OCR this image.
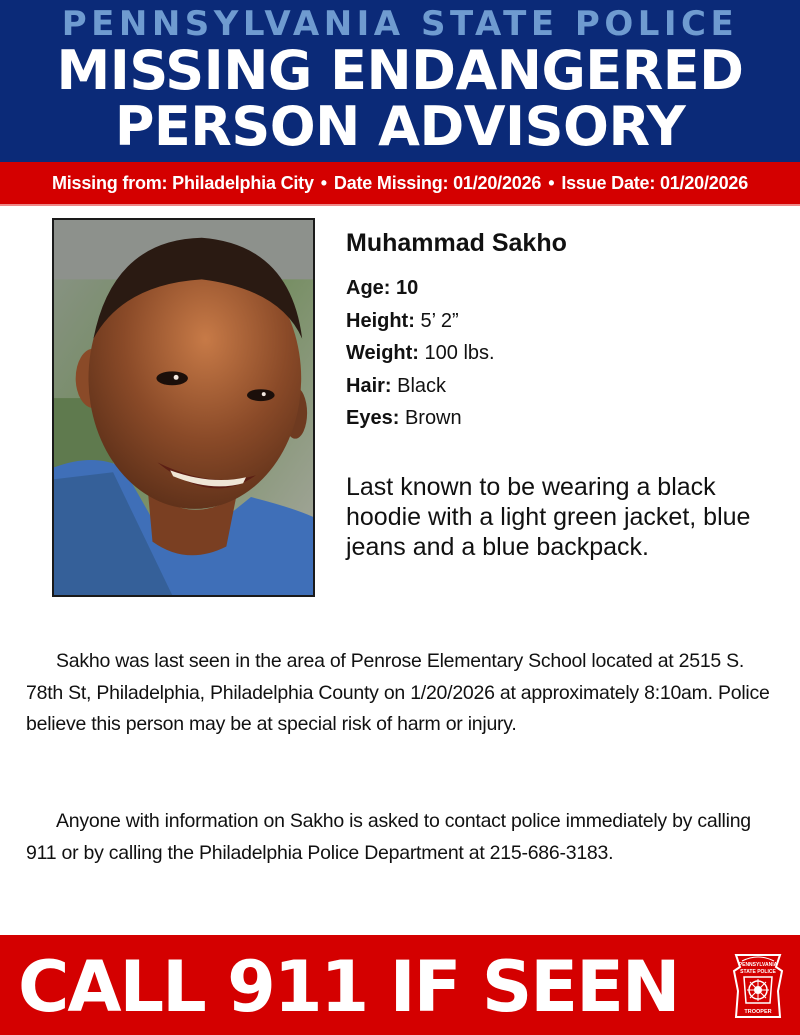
PENNSYLVANIA STATE POLICE
MISSING ENDANGERED
PERSON ADVISORY
Missing from: Philadelphia City • Date Missing: 01/20/2026 • Issue Date: 01/20/2026
Muhammad Sakho
Age: 10
Height: 5’ 2”
Weight: 100 lbs.
Hair: Black
Eyes: Brown
Last known to be wearing a black hoodie with a light green jacket, blue jeans and a blue backpack.

Sakho was last seen in the area of Penrose Elementary School located at 2515 S. 78th St, Philadelphia, Philadelphia County on 1/20/2026 at approximately 8:10am. Police believe this person may be at special risk of harm or injury.

Anyone with information on Sakho is asked to contact police immediately by calling 911 or by calling the Philadelphia Police Department at 215-686-3183.

CALL 911 IF SEEN	PENNSYLVANIA
STATE POLICE
TROOPER
